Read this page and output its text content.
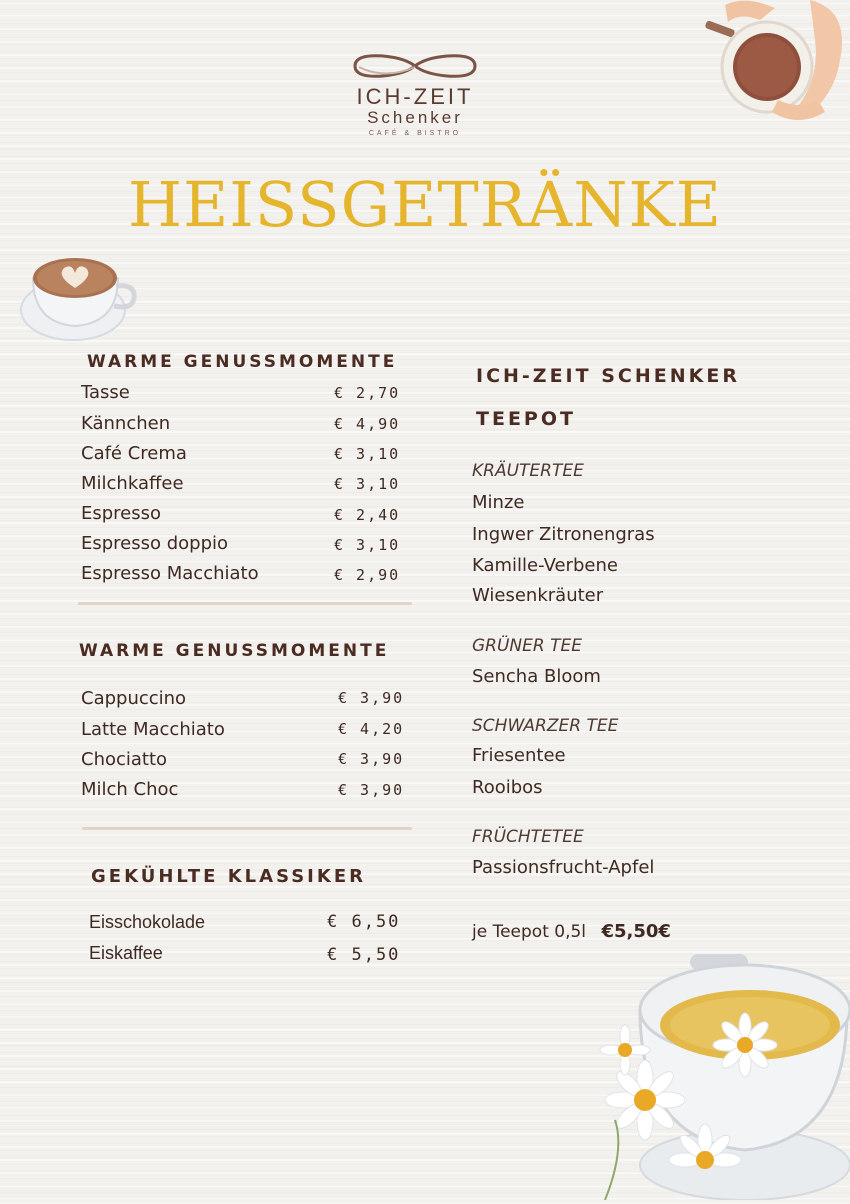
ICH-ZEIT
Schenker
CAFÉ & BISTRO
HEISSGETRÄNKE
WARME GENUSSMOMENTE
Tasse	€ 2,70
Kännchen	€ 4,90
Café Crema	€ 3,10
Milchkaffee	€ 3,10
Espresso	€ 2,40
Espresso doppio	€ 3,10
Espresso Macchiato	€ 2,90
WARME GENUSSMOMENTE
Cappuccino	€ 3,90
Latte Macchiato	€ 4,20
Chociatto	€ 3,90
Milch Choc	€ 3,90
GEKÜHLTE KLASSIKER
Eisschokolade	€ 6,50
Eiskaffee	€ 5,50
ICH-ZEIT SCHENKER
TEEPOT
KRÄUTERTEE
Minze
Ingwer Zitronengras
Kamille-Verbene
Wiesenkräuter
GRÜNER TEE
Sencha Bloom
SCHWARZER TEE
Friesentee
Rooibos
FRÜCHTETEE
Passionsfrucht-Apfel
je Teepot 0,5l €5,50€
